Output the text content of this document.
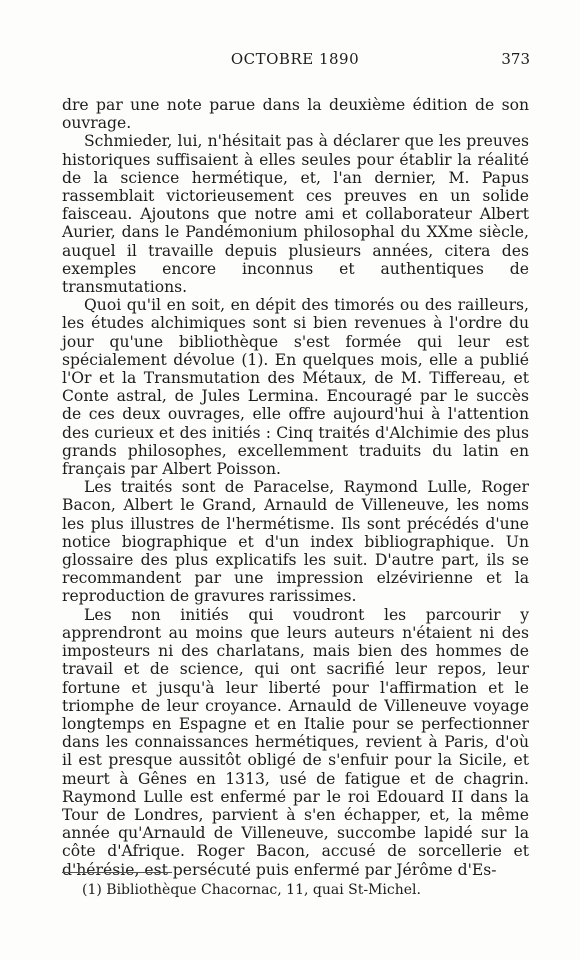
OCTOBRE 1890	373

dre par une note parue dans la deuxième édition de son ouvrage.

Schmieder, lui, n'hésitait pas à déclarer que les preuves historiques suffisaient à elles seules pour établir la réalité de la science hermétique, et, l'an dernier, M. Papus rassemblait victorieusement ces preuves en un solide faisceau. Ajoutons que notre ami et collaborateur Albert Aurier, dans le Pandémonium philosophal du XXme siècle, auquel il travaille depuis plusieurs années, citera des exemples encore inconnus et authentiques de transmutations.

Quoi qu'il en soit, en dépit des timorés ou des railleurs, les études alchimiques sont si bien revenues à l'ordre du jour qu'une bibliothèque s'est formée qui leur est spécialement dévolue (1). En quelques mois, elle a publié l'Or et la Transmutation des Métaux, de M. Tiffereau, et Conte astral, de Jules Lermina. Encouragé par le succès de ces deux ouvrages, elle offre aujourd'hui à l'attention des curieux et des initiés : Cinq traités d'Alchimie des plus grands philosophes, excellemment traduits du latin en français par Albert Poisson.

Les traités sont de Paracelse, Raymond Lulle, Roger Bacon, Albert le Grand, Arnauld de Villeneuve, les noms les plus illustres de l'hermétisme. Ils sont précédés d'une notice biographique et d'un index bibliographique. Un glossaire des plus explicatifs les suit. D'autre part, ils se recommandent par une impression elzévirienne et la reproduction de gravures rarissimes.

Les non initiés qui voudront les parcourir y apprendront au moins que leurs auteurs n'étaient ni des imposteurs ni des charlatans, mais bien des hommes de travail et de science, qui ont sacrifié leur repos, leur fortune et jusqu'à leur liberté pour l'affirmation et le triomphe de leur croyance. Arnauld de Villeneuve voyage longtemps en Espagne et en Italie pour se perfectionner dans les connaissances hermétiques, revient à Paris, d'où il est presque aussitôt obligé de s'enfuir pour la Sicile, et meurt à Gênes en 1313, usé de fatigue et de chagrin. Raymond Lulle est enfermé par le roi Edouard II dans la Tour de Londres, parvient à s'en échapper, et, la même année qu'Arnauld de Villeneuve, succombe lapidé sur la côte d'Afrique. Roger Bacon, accusé de sorcellerie et d'hérésie, est persécuté puis enfermé par Jérôme d'Es-

(1) Bibliothèque Chacornac, 11, quai St-Michel.
